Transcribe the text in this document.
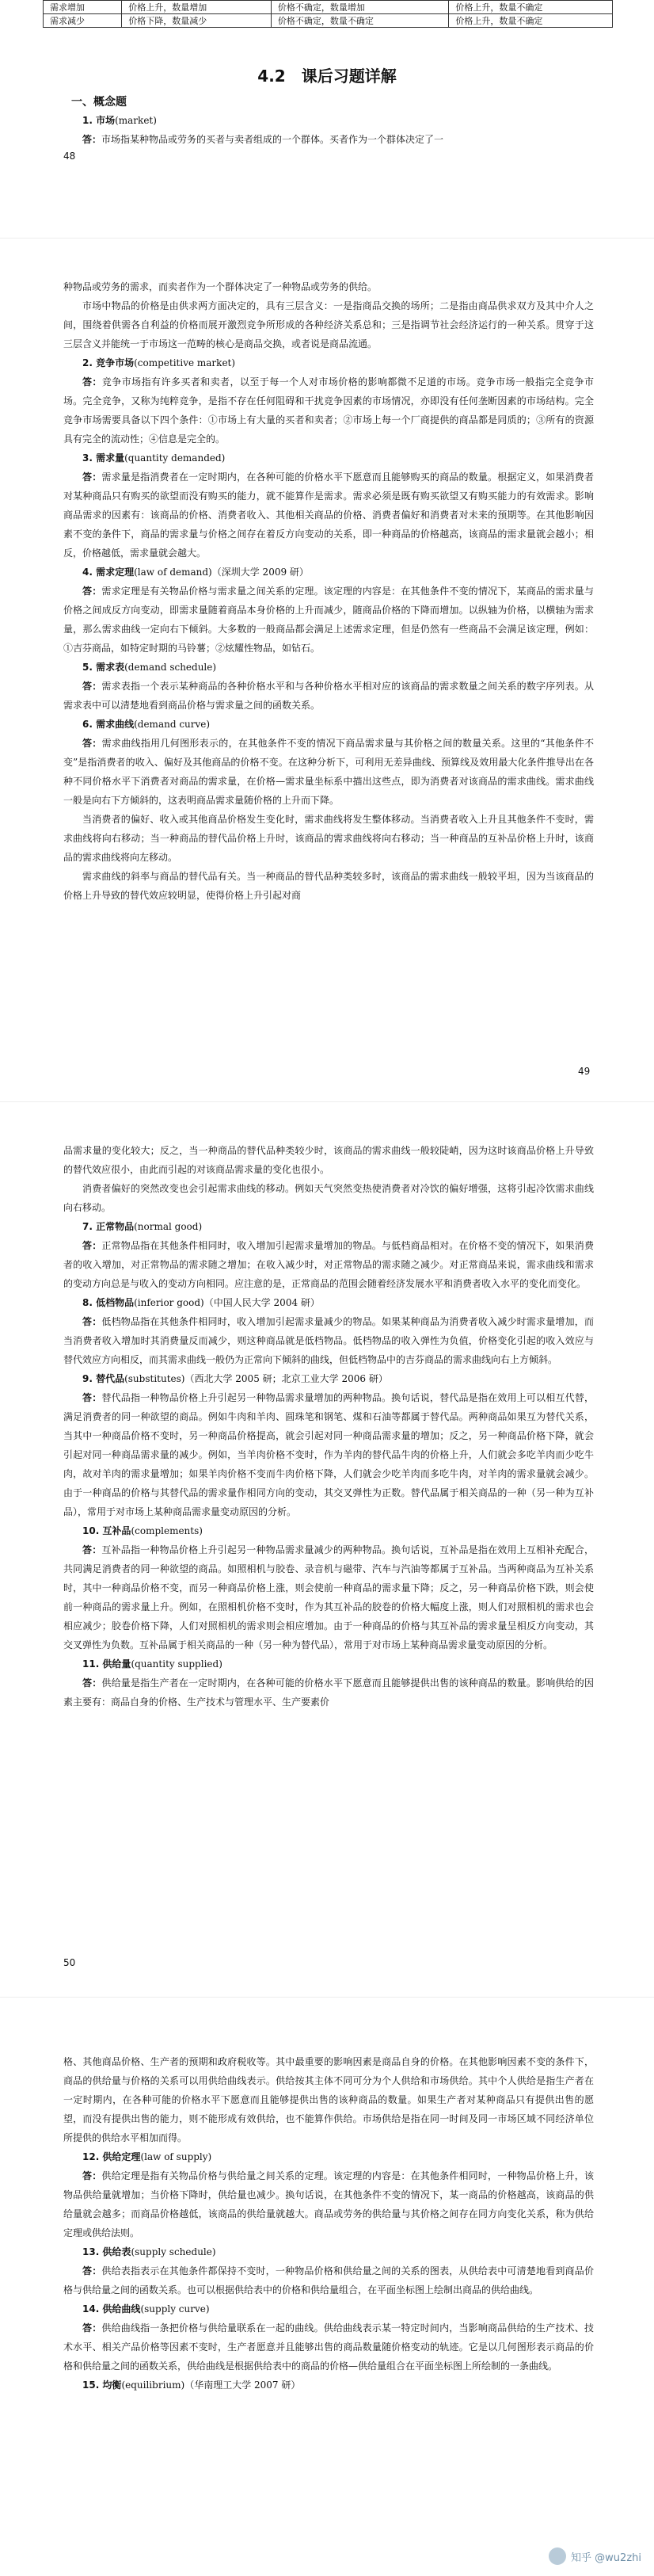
需求增加	价格上升，数量增加	价格不确定，数量增加	价格上升，数量不确定
需求减少	价格下降，数量减少	价格不确定，数量不确定	价格上升，数量不确定
4.2　课后习题详解
一、概念题
1. 市场(market)

答：市场指某种物品或劳务的买者与卖者组成的一个群体。买者作为一个群体决定了一

48

种物品或劳务的需求，而卖者作为一个群体决定了一种物品或劳务的供给。

市场中物品的价格是由供求两方面决定的，具有三层含义：一是指商品交换的场所；二是指由商品供求双方及其中介人之间，围绕着供需各自利益的价格而展开激烈竞争所形成的各种经济关系总和；三是指调节社会经济运行的一种关系。贯穿于这三层含义并能统一于市场这一范畴的核心是商品交换，或者说是商品流通。

2. 竞争市场(competitive market)

答：竞争市场指有许多买者和卖者，以至于每一个人对市场价格的影响都微不足道的市场。竞争市场一般指完全竞争市场。完全竞争，又称为纯粹竞争，是指不存在任何阻碍和干扰竞争因素的市场情况，亦即没有任何垄断因素的市场结构。完全竞争市场需要具备以下四个条件：①市场上有大量的买者和卖者；②市场上每一个厂商提供的商品都是同质的；③所有的资源具有完全的流动性；④信息是完全的。

3. 需求量(quantity demanded)

答：需求量是指消费者在一定时期内，在各种可能的价格水平下愿意而且能够购买的商品的数量。根据定义，如果消费者对某种商品只有购买的欲望而没有购买的能力，就不能算作是需求。需求必须是既有购买欲望又有购买能力的有效需求。影响商品需求的因素有：该商品的价格、消费者收入、其他相关商品的价格、消费者偏好和消费者对未来的预期等。在其他影响因素不变的条件下，商品的需求量与价格之间存在着反方向变动的关系，即一种商品的价格越高，该商品的需求量就会越小；相反，价格越低，需求量就会越大。

4. 需求定理(law of demand)（深圳大学 2009 研）

答：需求定理是有关物品价格与需求量之间关系的定理。该定理的内容是：在其他条件不变的情况下，某商品的需求量与价格之间成反方向变动，即需求量随着商品本身价格的上升而减少，随商品价格的下降而增加。以纵轴为价格，以横轴为需求量，那么需求曲线一定向右下倾斜。大多数的一般商品都会满足上述需求定理，但是仍然有一些商品不会满足该定理，例如：①吉芬商品，如特定时期的马铃薯；②炫耀性物品，如钻石。

5. 需求表(demand schedule)

答：需求表指一个表示某种商品的各种价格水平和与各种价格水平相对应的该商品的需求数量之间关系的数字序列表。从需求表中可以清楚地看到商品价格与需求量之间的函数关系。

6. 需求曲线(demand curve)

答：需求曲线指用几何图形表示的，在其他条件不变的情况下商品需求量与其价格之间的数量关系。这里的“其他条件不变”是指消费者的收入、偏好及其他商品的价格不变。在这种分析下，可利用无差异曲线、预算线及效用最大化条件推导出在各种不同价格水平下消费者对商品的需求量，在价格—需求量坐标系中描出这些点，即为消费者对该商品的需求曲线。需求曲线一般是向右下方倾斜的，这表明商品需求量随价格的上升而下降。

当消费者的偏好、收入或其他商品价格发生变化时，需求曲线将发生整体移动。当消费者收入上升且其他条件不变时，需求曲线将向右移动；当一种商品的替代品价格上升时，该商品的需求曲线将向右移动；当一种商品的互补品价格上升时，该商品的需求曲线将向左移动。

需求曲线的斜率与商品的替代品有关。当一种商品的替代品种类较多时，该商品的需求曲线一般较平坦，因为当该商品的价格上升导致的替代效应较明显，使得价格上升引起对商

49

品需求量的变化较大；反之，当一种商品的替代品种类较少时，该商品的需求曲线一般较陡峭，因为这时该商品价格上升导致的替代效应很小，由此而引起的对该商品需求量的变化也很小。

消费者偏好的突然改变也会引起需求曲线的移动。例如天气突然变热使消费者对冷饮的偏好增强，这将引起冷饮需求曲线向右移动。

7. 正常物品(normal good)

答：正常物品指在其他条件相同时，收入增加引起需求量增加的物品。与低档商品相对。在价格不变的情况下，如果消费者的收入增加，对正常物品的需求随之增加；在收入减少时，对正常物品的需求随之减少。对正常商品来说，需求曲线和需求的变动方向总是与收入的变动方向相同。应注意的是，正常商品的范围会随着经济发展水平和消费者收入水平的变化而变化。

8. 低档物品(inferior good)（中国人民大学 2004 研）

答：低档物品指在其他条件相同时，收入增加引起需求量减少的物品。如果某种商品为消费者收入减少时需求量增加，而当消费者收入增加时其消费量反而减少，则这种商品就是低档物品。低档物品的收入弹性为负值，价格变化引起的收入效应与替代效应方向相反，而其需求曲线一般仍为正常向下倾斜的曲线，但低档物品中的吉芬商品的需求曲线向右上方倾斜。

9. 替代品(substitutes)（西北大学 2005 研；北京工业大学 2006 研）

答：替代品指一种物品价格上升引起另一种物品需求量增加的两种物品。换句话说，替代品是指在效用上可以相互代替，满足消费者的同一种欲望的商品。例如牛肉和羊肉、圆珠笔和钢笔、煤和石油等都属于替代品。两种商品如果互为替代关系，当其中一种商品价格不变时，另一种商品价格提高，就会引起对同一种商品需求量的增加；反之，另一种商品价格下降，就会引起对同一种商品需求量的减少。例如，当羊肉价格不变时，作为羊肉的替代品牛肉的价格上升，人们就会多吃羊肉而少吃牛肉，故对羊肉的需求量增加；如果羊肉价格不变而牛肉价格下降，人们就会少吃羊肉而多吃牛肉，对羊肉的需求量就会减少。由于一种商品的价格与其替代品的需求量作相同方向的变动，其交叉弹性为正数。替代品属于相关商品的一种（另一种为互补品），常用于对市场上某种商品需求量变动原因的分析。

10. 互补品(complements)

答：互补品指一种物品价格上升引起另一种物品需求量减少的两种物品。换句话说，互补品是指在效用上互相补充配合，共同满足消费者的同一种欲望的商品。如照相机与胶卷、录音机与磁带、汽车与汽油等都属于互补品。当两种商品为互补关系时，其中一种商品价格不变，而另一种商品价格上涨，则会使前一种商品的需求量下降；反之，另一种商品价格下跌，则会使前一种商品的需求量上升。例如，在照相机价格不变时，作为其互补品的胶卷的价格大幅度上涨，则人们对照相机的需求也会相应减少；胶卷价格下降，人们对照相机的需求则会相应增加。由于一种商品的价格与其互补品的需求量呈相反方向变动，其交叉弹性为负数。互补品属于相关商品的一种（另一种为替代品），常用于对市场上某种商品需求量变动原因的分析。

11. 供给量(quantity supplied)

答：供给量是指生产者在一定时期内，在各种可能的价格水平下愿意而且能够提供出售的该种商品的数量。影响供给的因素主要有：商品自身的价格、生产技术与管理水平、生产要素价

50

格、其他商品价格、生产者的预期和政府税收等。其中最重要的影响因素是商品自身的价格。在其他影响因素不变的条件下，商品的供给量与价格的关系可以用供给曲线表示。供给按其主体不同可分为个人供给和市场供给。其中个人供给是指生产者在一定时期内，在各种可能的价格水平下愿意而且能够提供出售的该种商品的数量。如果生产者对某种商品只有提供出售的愿望，而没有提供出售的能力，则不能形成有效供给，也不能算作供给。市场供给是指在同一时间及同一市场区域不同经济单位所提供的供给水平相加而得。

12. 供给定理(law of supply)

答：供给定理是指有关物品价格与供给量之间关系的定理。该定理的内容是：在其他条件相同时，一种物品价格上升，该物品供给量就增加；当价格下降时，供给量也减少。换句话说，在其他条件不变的情况下，某一商品的价格越高，该商品的供给量就会越多；而商品价格越低，该商品的供给量就越大。商品或劳务的供给量与其价格之间存在同方向变化关系，称为供给定理或供给法则。

13. 供给表(supply schedule)

答：供给表指表示在其他条件都保持不变时，一种物品价格和供给量之间的关系的图表，从供给表中可清楚地看到商品价格与供给量之间的函数关系。也可以根据供给表中的价格和供给量组合，在平面坐标图上绘制出商品的供给曲线。

14. 供给曲线(supply curve)

答：供给曲线指一条把价格与供给量联系在一起的曲线。供给曲线表示某一特定时间内，当影响商品供给的生产技术、技术水平、相关产品价格等因素不变时，生产者愿意并且能够出售的商品数量随价格变动的轨迹。它是以几何图形表示商品的价格和供给量之间的函数关系，供给曲线是根据供给表中的商品的价格—供给量组合在平面坐标图上所绘制的一条曲线。

15. 均衡(equilibrium)（华南理工大学 2007 研）
知乎 @wu2zhi
